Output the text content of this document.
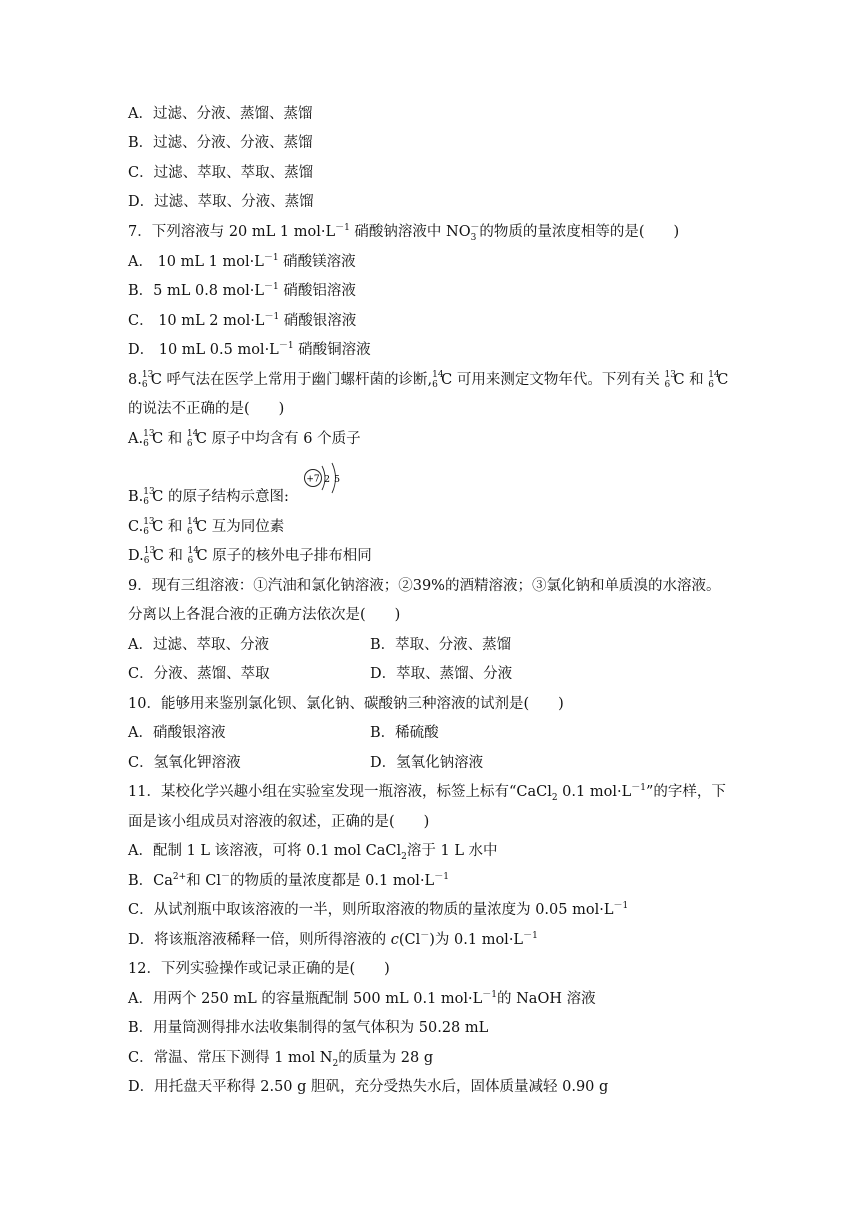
A．过滤、分液、蒸馏、蒸馏
B．过滤、分液、分液、蒸馏
C．过滤、萃取、萃取、蒸馏
D．过滤、萃取、分液、蒸馏
7．下列溶液与 20 mL 1 $mol\cdot L^{-1}$ 硝酸钠溶液中 $NO_3^-$的物质的量浓度相等的是(　　)
A． 10 mL 1 $mol\cdot L^{-1}$ 硝酸镁溶液
B．5 mL 0.8 $mol\cdot L^{-1}$ 硝酸铝溶液
C． 10 mL 2 $mol\cdot L^{-1}$ 硝酸银溶液
D． 10 mL 0.5 $mol\cdot L^{-1}$ 硝酸铜溶液
8. 13
6 C 呼气法在医学上常用于幽门螺杆菌的诊断, 14
6 C 可用来测定文物年代。下列有关 13
6 C 和 14
6 C
的说法不正确的是(　　)
A. 13
6 C 和 14
6 C 原子中均含有 6 个质子
B. 13
6 C 的原子结构示意图:
+7 2 5
C. 13
6 C 和 14
6 C 互为同位素
D. 13
6 C 和 14
6 C 原子的核外电子排布相同
9．现有三组溶液：①汽油和氯化钠溶液；②39%的酒精溶液；③氯化钠和单质溴的水溶液。
分离以上各混合液的正确方法依次是(　　)
A．过滤、萃取、分液	B．萃取、分液、蒸馏
C．分液、蒸馏、萃取	D．萃取、蒸馏、分液
10．能够用来鉴别氯化钡、氯化钠、碳酸钠三种溶液的试剂是(　　)
A．硝酸银溶液	B．稀硫酸
C．氢氧化钾溶液	D．氢氧化钠溶液
11．某校化学兴趣小组在实验室发现一瓶溶液，标签上标有“CaCl$_2$ 0.1 $mol\cdot L^{-1}$”的字样，下
面是该小组成员对溶液的叙述，正确的是(　　)
A．配制 1 L 该溶液，可将 0.1 mol CaCl$_2$溶于 1 L 水中
B．$Ca^{2+}$和 Cl－的物质的量浓度都是 0.1 $mol\cdot L^{-1}$
C．从试剂瓶中取该溶液的一半，则所取溶液的物质的量浓度为 0.05 $mol\cdot L^{-1}$
D．将该瓶溶液稀释一倍，则所得溶液的 c(Cl－)为 0.1 $mol\cdot L^{-1}$
12．下列实验操作或记录正确的是(　　)
A．用两个 250 mL 的容量瓶配制 500 mL 0.1 $mol\cdot L^{-1}$的 NaOH 溶液
B．用量筒测得排水法收集制得的氢气体积为 50.28 mL
C．常温、常压下测得 1 mol $N_2$的质量为 28 g
D．用托盘天平称得 2.50 g 胆矾，充分受热失水后，固体质量减轻 0.90 g
